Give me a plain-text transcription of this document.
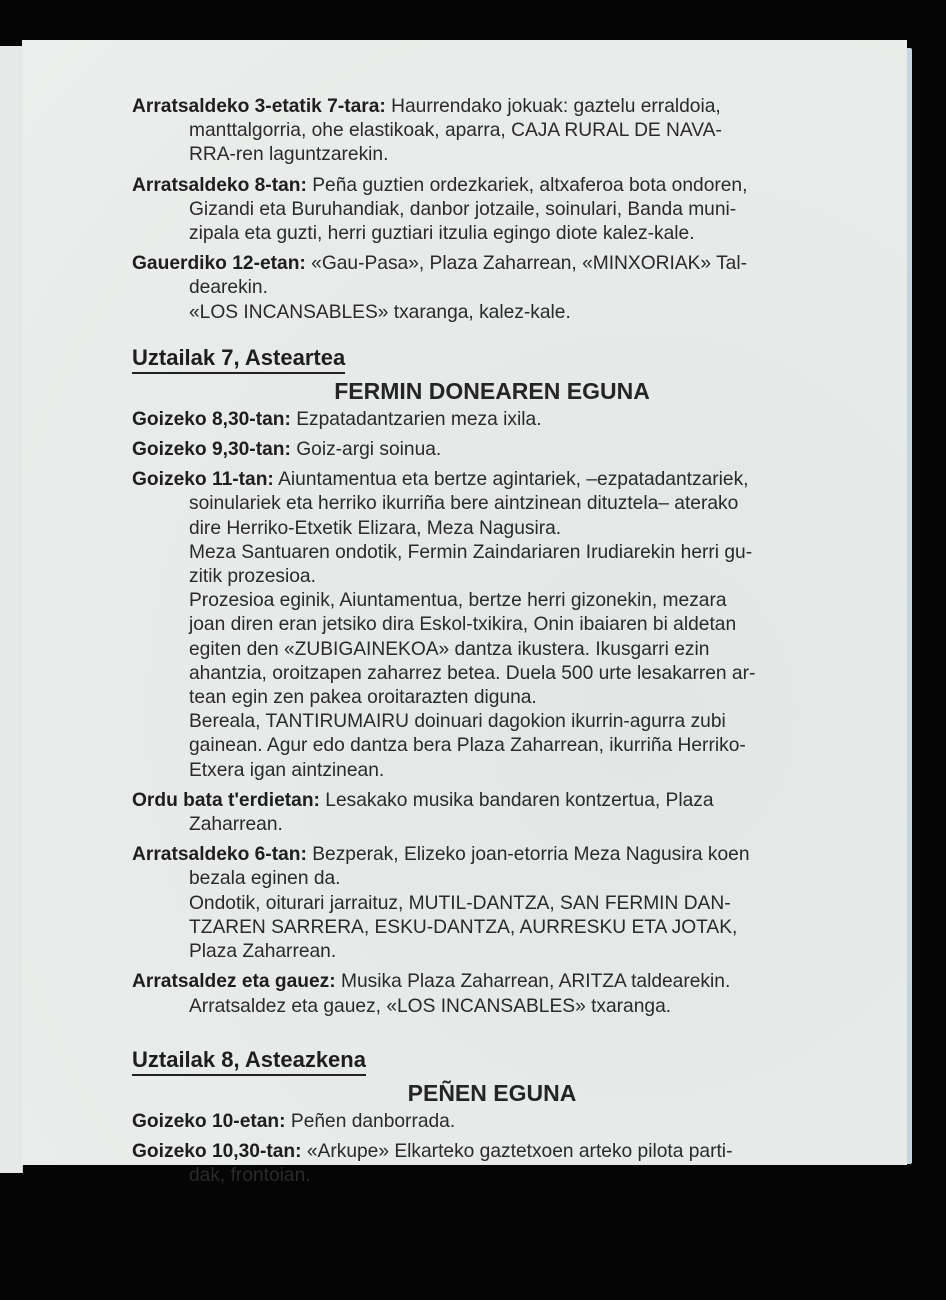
Arratsaldeko 3-etatik 7-tara: Haurrendako jokuak: gaztelu erraldoia,
manttalgorria, ohe elastikoak, aparra, CAJA RURAL DE NAVA-
RRA-ren laguntzarekin.
Arratsaldeko 8-tan: Peña guztien ordezkariek, altxaferoa bota ondoren,
Gizandi eta Buruhandiak, danbor jotzaile, soinulari, Banda muni-
zipala eta guzti, herri guztiari itzulia egingo diote kalez-kale.
Gauerdiko 12-etan: «Gau-Pasa», Plaza Zaharrean, «MINXORIAK» Tal-
dearekin.
«LOS INCANSABLES» txaranga, kalez-kale.
Uztailak 7, Asteartea
FERMIN DONEAREN EGUNA
Goizeko 8,30-tan: Ezpatadantzarien meza ixila.
Goizeko 9,30-tan: Goiz-argi soinua.
Goizeko 11-tan: Aiuntamentua eta bertze agintariek, –ezpatadantzariek,
soinulariek eta herriko ikurriña bere aintzinean dituztela– aterako
dire Herriko-Etxetik Elizara, Meza Nagusira.
Meza Santuaren ondotik, Fermin Zaindariaren Irudiarekin herri gu-
zitik prozesioa.
Prozesioa eginik, Aiuntamentua, bertze herri gizonekin, mezara
joan diren eran jetsiko dira Eskol-txikira, Onin ibaiaren bi aldetan
egiten den «ZUBIGAINEKOA» dantza ikustera. Ikusgarri ezin
ahantzia, oroitzapen zaharrez betea. Duela 500 urte lesakarren ar-
tean egin zen pakea oroitarazten diguna.
Bereala, TANTIRUMAIRU doinuari dagokion ikurrin-agurra zubi
gainean. Agur edo dantza bera Plaza Zaharrean, ikurriña Herriko-
Etxera igan aintzinean.
Ordu bata t'erdietan: Lesakako musika bandaren kontzertua, Plaza
Zaharrean.
Arratsaldeko 6-tan: Bezperak, Elizeko joan-etorria Meza Nagusira koen
bezala eginen da.
Ondotik, oiturari jarraituz, MUTIL-DANTZA, SAN FERMIN DAN-
TZAREN SARRERA, ESKU-DANTZA, AURRESKU ETA JOTAK,
Plaza Zaharrean.
Arratsaldez eta gauez: Musika Plaza Zaharrean, ARITZA taldearekin.
Arratsaldez eta gauez, «LOS INCANSABLES» txaranga.
Uztailak 8, Asteazkena
PEÑEN EGUNA
Goizeko 10-etan: Peñen danborrada.
Goizeko 10,30-tan: «Arkupe» Elkarteko gaztetxoen arteko pilota parti-
dak, frontoian.
